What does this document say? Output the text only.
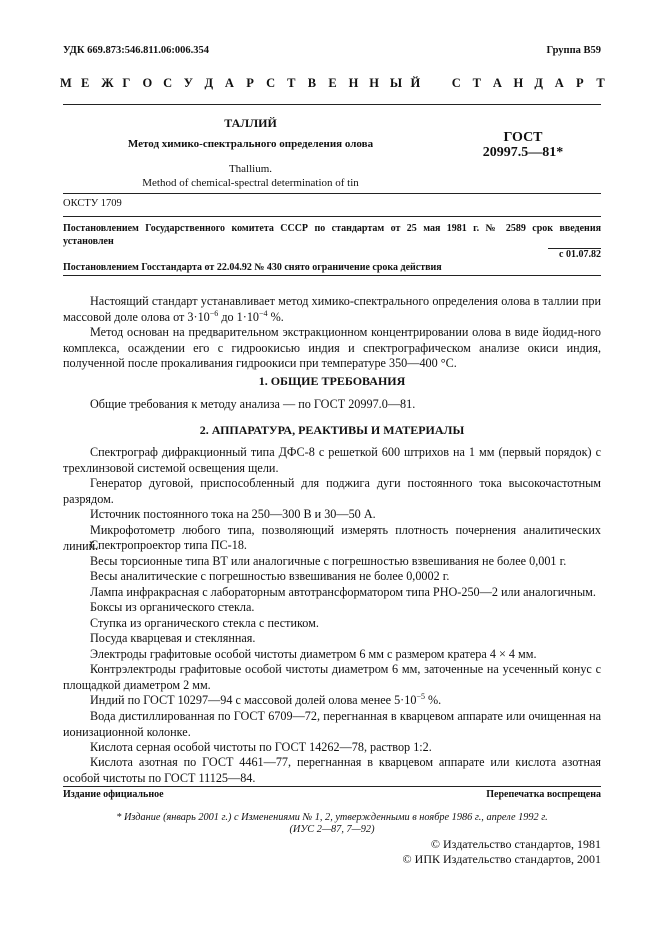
УДК 669.873:546.811.06:006.354	Группа В59
М Е Ж Г О С У Д А Р С Т В Е Н Н Ы Й	С Т А Н Д А Р Т
ТАЛЛИЙ
Метод химико-спектрального определения олова
Thallium.
Method of chemical-spectral determination of tin
ГОСТ
20997.5—81*
ОКСТУ 1709
Постановлением Государственного комитета СССР по стандартам от 25 мая 1981 г. № 2589 срок введения
установлен
с 01.07.82
Постановлением Госстандарта от 22.04.92 № 430 снято ограничение срока действия
Настоящий стандарт устанавливает метод химико-спектрального определения олова в таллии при массовой доле олова от $3\cdot 10^{-6}$ до $1\cdot 10^{-4}$ %.
Метод основан на предварительном экстракционном концентрировании олова в виде йодид-ного комплекса, осаждении его с гидроокисью индия и спектрографическом анализе окиси индия, полученной после прокаливания гидроокиси при температуре 350—400 °С.
1. ОБЩИЕ ТРЕБОВАНИЯ
Общие требования к методу анализа — по ГОСТ 20997.0—81.
2. АППАРАТУРА, РЕАКТИВЫ И МАТЕРИАЛЫ
Спектрограф дифракционный типа ДФС-8 с решеткой 600 штрихов на 1 мм (первый порядок) с трехлинзовой системой освещения щели.
Генератор дуговой, приспособленный для поджига дуги постоянного тока высокочастотным разрядом.
Источник постоянного тока на 250—300 В и 30—50 А.
Микрофотометр любого типа, позволяющий измерять плотность почернения аналитических линий.
Спектропроектор типа ПС-18.
Весы торсионные типа ВТ или аналогичные с погрешностью взвешивания не более 0,001 г.
Весы аналитические с погрешностью взвешивания не более 0,0002 г.
Лампа инфракрасная с лабораторным автотрансформатором типа РНО-250—2 или аналогичным.
Боксы из органического стекла.
Ступка из органического стекла с пестиком.
Посуда кварцевая и стеклянная.
Электроды графитовые особой чистоты диаметром 6 мм с размером кратера 4 × 4 мм.
Контрэлектроды графитовые особой чистоты диаметром 6 мм, заточенные на усеченный конус с площадкой диаметром 2 мм.
Индий по ГОСТ 10297—94 с массовой долей олова менее $5\cdot 10^{-5}$ %.
Вода дистиллированная по ГОСТ 6709—72, перегнанная в кварцевом аппарате или очищенная на ионизационной колонке.
Кислота серная особой чистоты по ГОСТ 14262—78, раствор 1:2.
Кислота азотная по ГОСТ 4461—77, перегнанная в кварцевом аппарате или кислота азотная особой чистоты по ГОСТ 11125—84.
Издание официальное	Перепечатка воспрещена
* Издание (январь 2001 г.) с Изменениями № 1, 2, утвержденными в ноябре 1986 г., апреле 1992 г.
(ИУС 2—87, 7—92)
© Издательство стандартов, 1981
© ИПК Издательство стандартов, 2001
